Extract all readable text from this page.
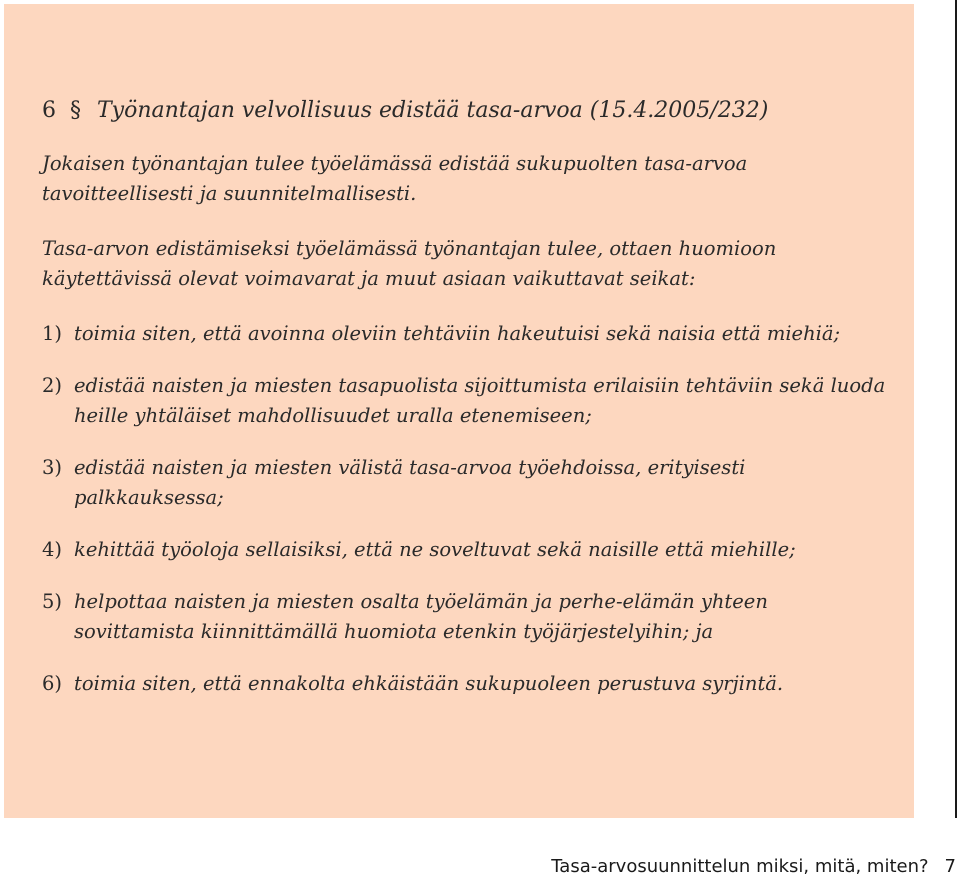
6 § Työnantajan velvollisuus edistää tasa-arvoa (15.4.2005/232)

Jokaisen työnantajan tulee työelämässä edistää sukupuolten tasa-arvoa tavoitteellisesti ja suunnitelmallisesti.

Tasa-arvon edistämiseksi työelämässä työnantajan tulee, ottaen huomioon käytettävissä olevat voimavarat ja muut asiaan vaikuttavat seikat:

1) toimia siten, että avoinna oleviin tehtäviin hakeutuisi sekä naisia että miehiä;
2) edistää naisten ja miesten tasapuolista sijoittumista erilaisiin tehtäviin sekä luoda heille yhtäläiset mahdollisuudet uralla etenemiseen;
3) edistää naisten ja miesten välistä tasa-arvoa työehdoissa, erityisesti palkkauksessa;
4) kehittää työoloja sellaisiksi, että ne soveltuvat sekä naisille että miehille;
5) helpottaa naisten ja miesten osalta työelämän ja perhe-elämän yhteen sovittamista kiinnittämällä huomiota etenkin työjärjestelyihin; ja
6) toimia siten, että ennakolta ehkäistään sukupuoleen perustuva syrjintä.
Tasa-arvosuunnittelun miksi, mitä, miten? 7
